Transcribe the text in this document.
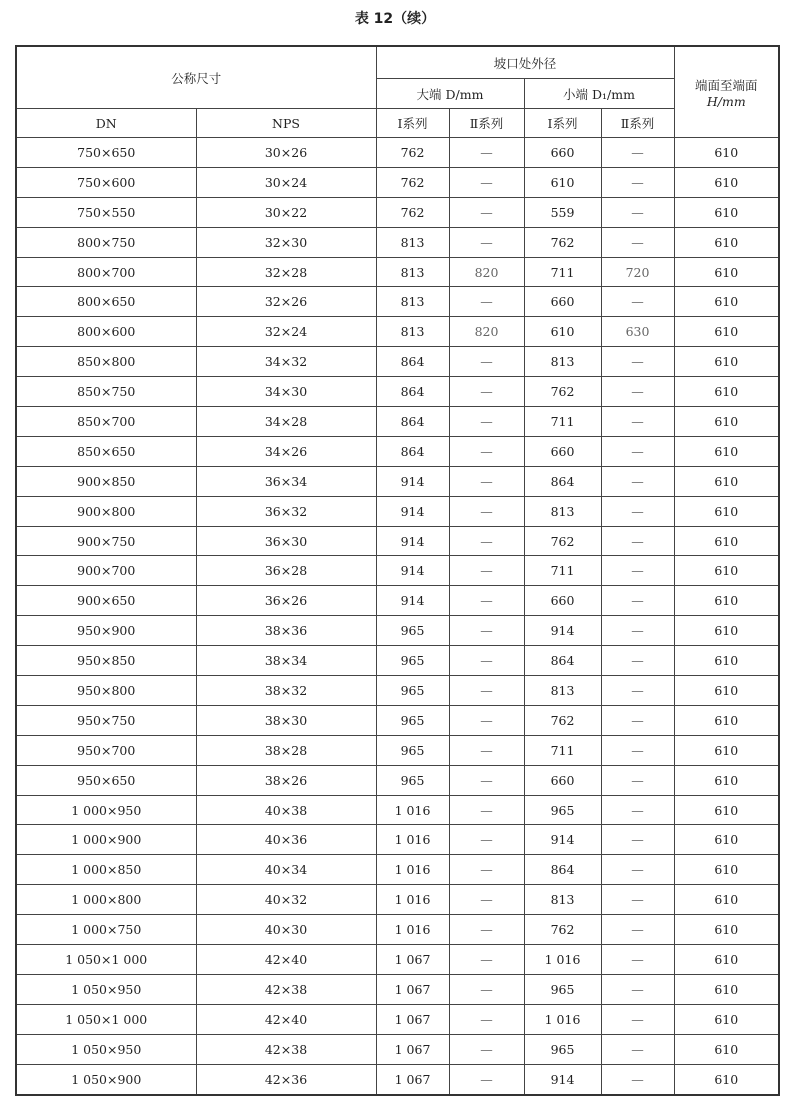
表 12（续）
公称尺寸		坡口处外径				端面至端面
H/mm

		大端 D/mm		小端 D₁/mm		
DN	NPS	Ⅰ系列	Ⅱ系列	Ⅰ系列	Ⅱ系列	
750×650	30×26	762	—	660	—	610
750×600	30×24	762	—	610	—	610
750×550	30×22	762	—	559	—	610
800×750	32×30	813	—	762	—	610
800×700	32×28	813	820	711	720	610
800×650	32×26	813	—	660	—	610
800×600	32×24	813	820	610	630	610
850×800	34×32	864	—	813	—	610
850×750	34×30	864	—	762	—	610
850×700	34×28	864	—	711	—	610
850×650	34×26	864	—	660	—	610
900×850	36×34	914	—	864	—	610
900×800	36×32	914	—	813	—	610
900×750	36×30	914	—	762	—	610
900×700	36×28	914	—	711	—	610
900×650	36×26	914	—	660	—	610
950×900	38×36	965	—	914	—	610
950×850	38×34	965	—	864	—	610
950×800	38×32	965	—	813	—	610
950×750	38×30	965	—	762	—	610
950×700	38×28	965	—	711	—	610
950×650	38×26	965	—	660	—	610
1 000×950	40×38	1 016	—	965	—	610
1 000×900	40×36	1 016	—	914	—	610
1 000×850	40×34	1 016	—	864	—	610
1 000×800	40×32	1 016	—	813	—	610
1 000×750	40×30	1 016	—	762	—	610
1 050×1 000	42×40	1 067	—	1 016	—	610
1 050×950	42×38	1 067	—	965	—	610
1 050×1 000	42×40	1 067	—	1 016	—	610
1 050×950	42×38	1 067	—	965	—	610
1 050×900	42×36	1 067	—	914	—	610
